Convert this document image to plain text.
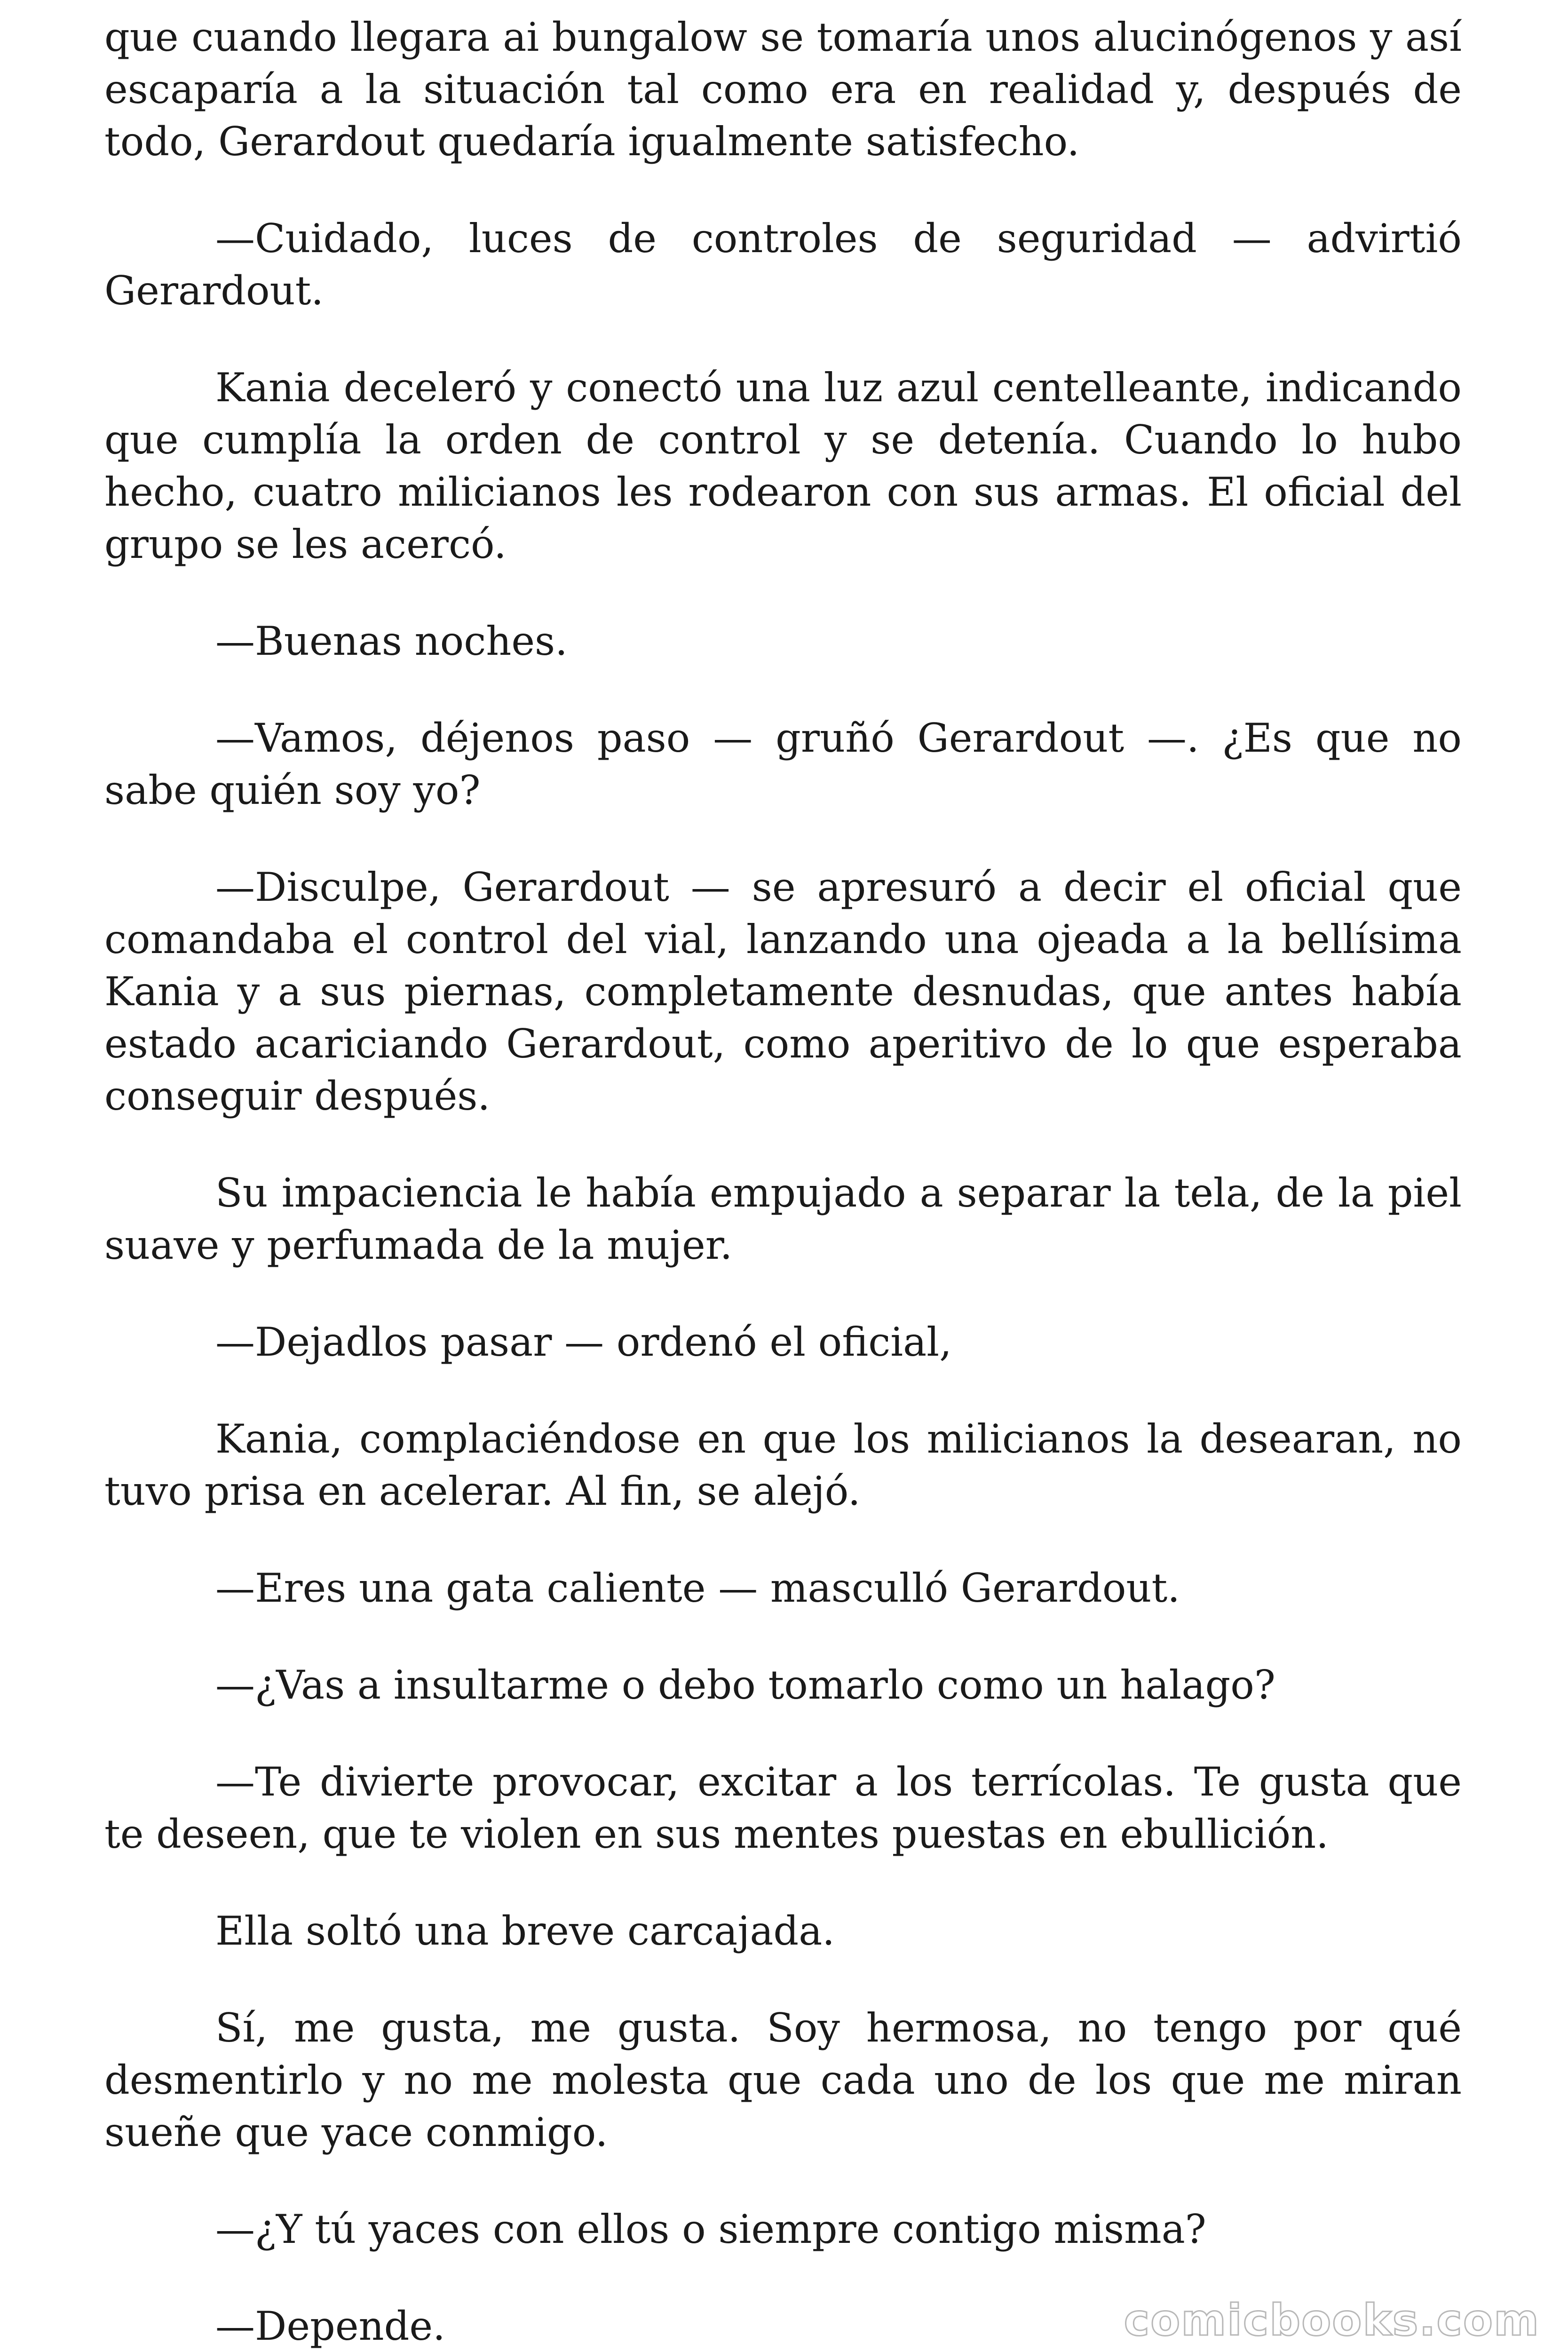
que cuando llegara ai bungalow se tomaría unos alucinógenos y así escaparía a la situación tal como era en realidad y, después de todo, Gerardout quedaría igualmente satisfecho.

—Cuidado, luces de controles de seguridad — advirtió Gerardout.

Kania deceleró y conectó una luz azul centelleante, indicando que cumplía la orden de control y se detenía. Cuando lo hubo hecho, cuatro milicianos les rodearon con sus armas. El oficial del grupo se les acercó.

—Buenas noches.

—Vamos, déjenos paso — gruñó Gerardout —. ¿Es que no sabe quién soy yo?

—Disculpe, Gerardout — se apresuró a decir el oficial que comandaba el control del vial, lanzando una ojeada a la bellísima Kania y a sus piernas, completamente desnudas, que antes había estado acariciando Gerardout, como aperitivo de lo que esperaba conseguir después.

Su impaciencia le había empujado a separar la tela, de la piel suave y perfumada de la mujer.

—Dejadlos pasar — ordenó el oficial,

Kania, complaciéndose en que los milicianos la desearan, no tuvo prisa en acelerar. Al fin, se alejó.

—Eres una gata caliente — masculló Gerardout.

—¿Vas a insultarme o debo tomarlo como un halago?

—Te divierte provocar, excitar a los terrícolas. Te gusta que te deseen, que te violen en sus mentes puestas en ebullición.

Ella soltó una breve carcajada.

Sí, me gusta, me gusta. Soy hermosa, no tengo por qué desmentirlo y no me molesta que cada uno de los que me miran sueñe que yace conmigo.

—¿Y tú yaces con ellos o siempre contigo misma?

—Depende.	comicbooks.com
